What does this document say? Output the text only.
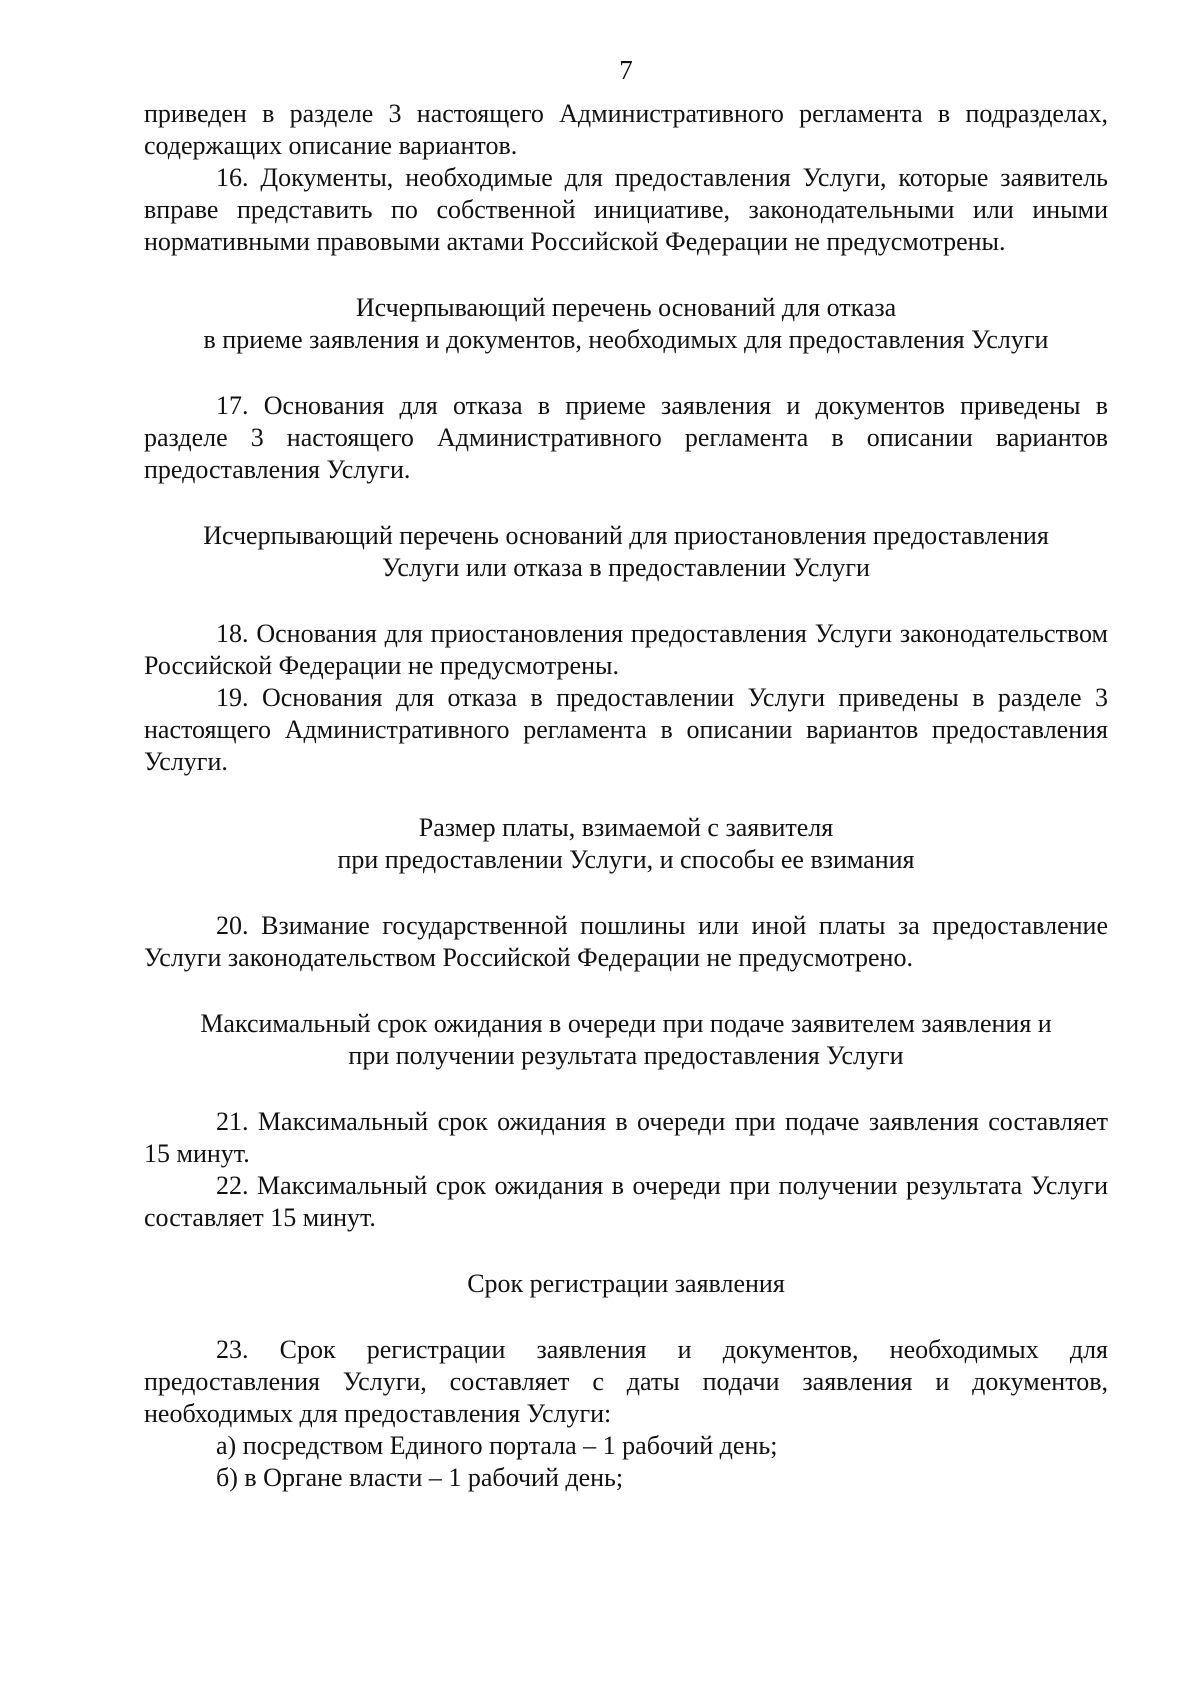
7

приведен в разделе 3 настоящего Административного регламента в подразделах, содержащих описание вариантов.

16. Документы, необходимые для предоставления Услуги, которые заявитель вправе представить по собственной инициативе, законодательными или иными нормативными правовыми актами Российской Федерации не предусмотрены.

Исчерпывающий перечень оснований для отказа
в приеме заявления и документов, необходимых для предоставления Услуги

17. Основания для отказа в приеме заявления и документов приведены в разделе 3 настоящего Административного регламента в описании вариантов предоставления Услуги.

Исчерпывающий перечень оснований для приостановления предоставления
Услуги или отказа в предоставлении Услуги

18. Основания для приостановления предоставления Услуги законодательством Российской Федерации не предусмотрены.

19. Основания для отказа в предоставлении Услуги приведены в разделе 3 настоящего Административного регламента в описании вариантов предоставления Услуги.

Размер платы, взимаемой с заявителя
при предоставлении Услуги, и способы ее взимания

20. Взимание государственной пошлины или иной платы за предоставление Услуги законодательством Российской Федерации не предусмотрено.

Максимальный срок ожидания в очереди при подаче заявителем заявления и
при получении результата предоставления Услуги

21. Максимальный срок ожидания в очереди при подаче заявления составляет 15 минут.

22. Максимальный срок ожидания в очереди при получении результата Услуги составляет 15 минут.

Срок регистрации заявления

23. Срок регистрации заявления и документов, необходимых для предоставления Услуги, составляет с даты подачи заявления и документов, необходимых для предоставления Услуги:

а) посредством Единого портала – 1 рабочий день;

б) в Органе власти – 1 рабочий день;
